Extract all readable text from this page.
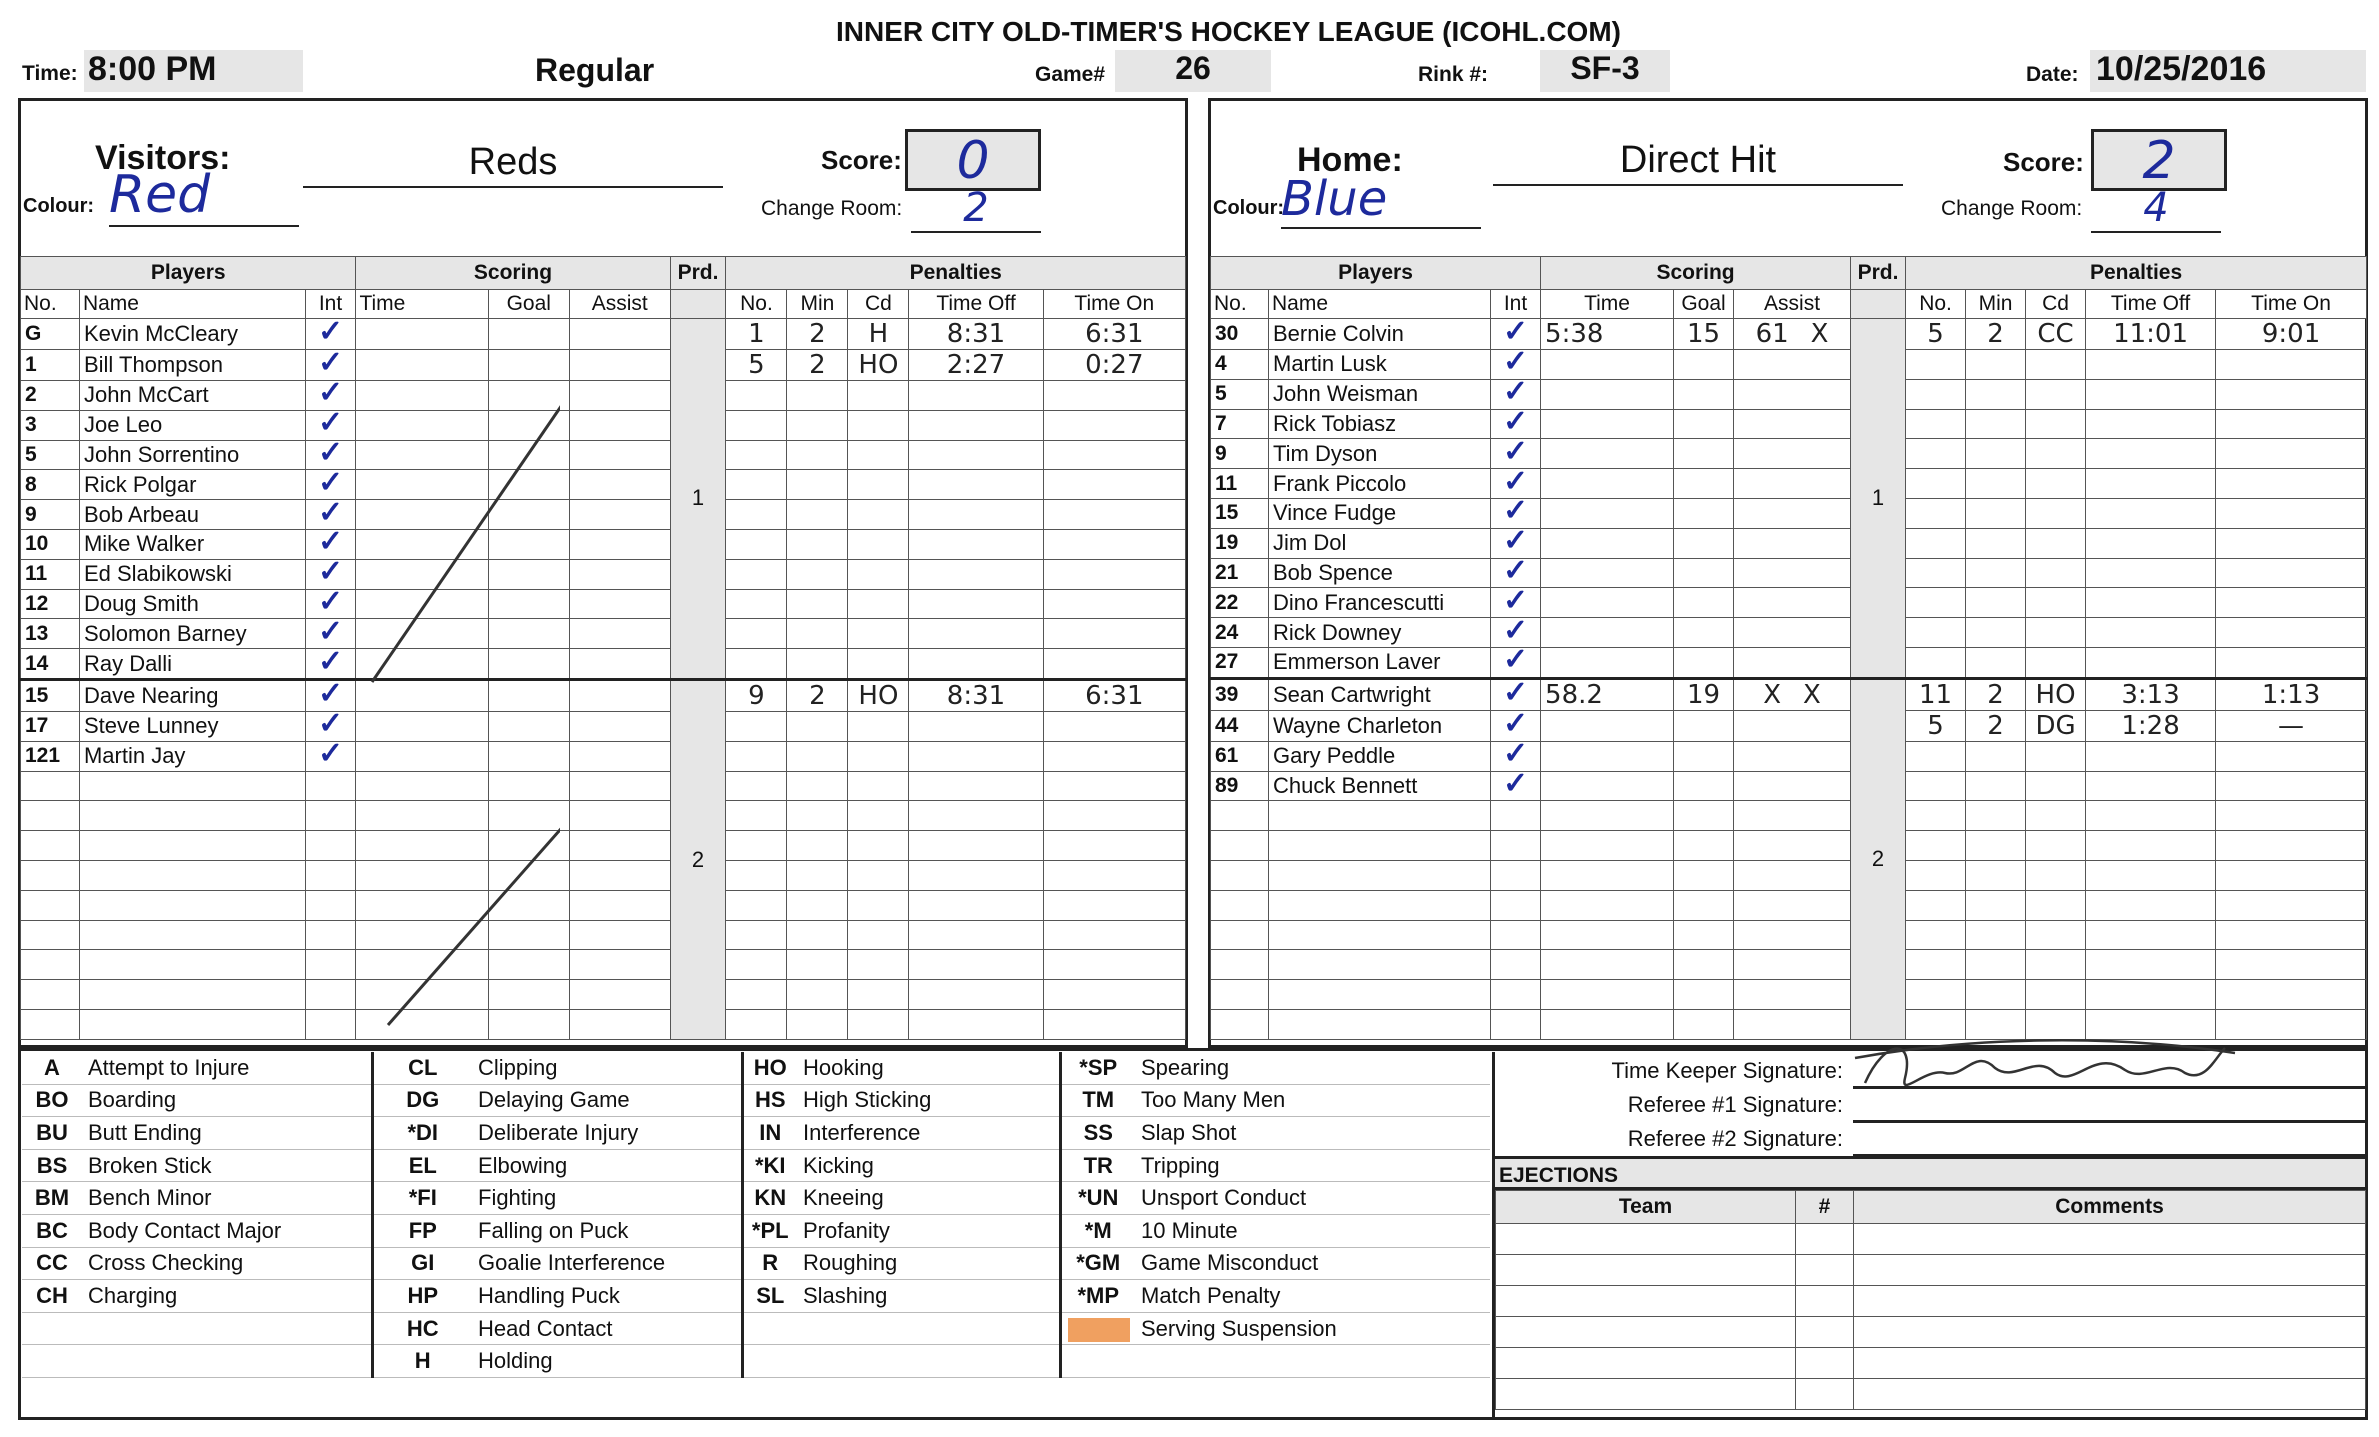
INNER CITY OLD-TIMER'S HOCKEY LEAGUE (ICOHL.COM)
Time: 8:00 PM	Regular	Game#	26	Rink #:	SF-3	Date: 10/25/2016
Visitors:
Colour: Red
Reds	Score:	0
Change Room:	2
Players			Scoring			Prd.	Penalties				
No.	Name	Int	Time	Goal	Assist		No.	Min	Cd	Time Off	Time On
G	Kevin McCleary	✓				1	1	2	H	8:31	6:31
1	Bill Thompson	✓					5	2	HO	2:27	0:27
2	John McCart	✓									
3	Joe Leo	✓									
5	John Sorrentino	✓									
8	Rick Polgar	✓									
9	Bob Arbeau	✓									
10	Mike Walker	✓									
11	Ed Slabikowski	✓									
12	Doug Smith	✓									
13	Solomon Barney	✓									
14	Ray Dalli	✓									
15	Dave Nearing	✓				2	9	2	HO	8:31	6:31
17	Steve Lunney	✓									
121	Martin Jay	✓									

Home:
Colour:
Blue
Direct Hit	Score:	2
Change Room:	4
Players			Scoring			Prd.	Penalties				
No.	Name	Int	Time	Goal	Assist		No.	Min	Cd	Time Off	Time On
30	Bernie Colvin	✓	5:38	15	61 X	1	5	2	CC	11:01	9:01
4	Martin Lusk	✓									
5	John Weisman	✓									
7	Rick Tobiasz	✓									
9	Tim Dyson	✓									
11	Frank Piccolo	✓									
15	Vince Fudge	✓									
19	Jim Dol	✓									
21	Bob Spence	✓									
22	Dino Francescutti	✓									
24	Rick Downey	✓									
27	Emmerson Laver	✓									
39	Sean Cartwright	✓	58.2	19	X X	2	11	2	HO	3:13	1:13
44	Wayne Charleton	✓					5	2	DG	1:28	—
61	Gary Peddle	✓									
89	Chuck Bennett	✓									

A	Attempt to Injure	CL	Clipping	HO	Hooking	*SP	Spearing
BO	Boarding	DG	Delaying Game	HS	High Sticking	TM	Too Many Men
BU	Butt Ending	*DI	Deliberate Injury	IN	Interference	SS	Slap Shot
BS	Broken Stick	EL	Elbowing	*KI	Kicking	TR	Tripping
BM	Bench Minor	*FI	Fighting	KN	Kneeing	*UN	Unsport Conduct
BC	Body Contact Major	FP	Falling on Puck	*PL	Profanity	*M	10 Minute
CC	Cross Checking	GI	Goalie Interference	R	Roughing	*GM	Game Misconduct
CH	Charging	HP	Handling Puck	SL	Slashing	*MP	Match Penalty
		HC	Head Contact				Serving Suspension
		H	Holding				
Time Keeper Signature:
Referee #1 Signature:
Referee #2 Signature:
EJECTIONS
Team	#	Comments
